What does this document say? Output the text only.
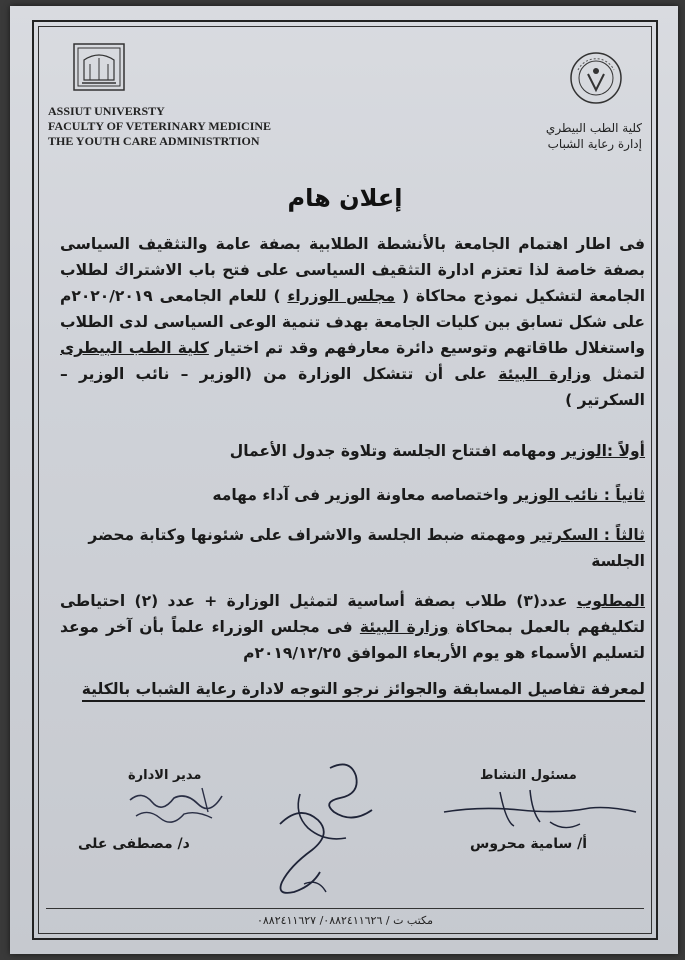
ASSIUT UNIVERSTY
FACULTY OF VETERINARY MEDICINE
THE YOUTH CARE ADMINISTRTION
كلية الطب البيطري
إدارة رعاية الشباب
إعلان هام
فى اطار اهتمام الجامعة بالأنشطة الطلابية بصفة عامة والتثقيف السياسى بصفة خاصة لذا تعتزم ادارة التثقيف السياسى على فتح باب الاشتراك لطلاب الجامعة لتشكيل نموذج محاكاة ( مجلس الوزراء ) للعام الجامعى ٢٠٢٠/٢٠١٩م على شكل تسابق بين كليات الجامعة بهدف تنمية الوعى السياسى لدى الطلاب واستغلال طاقاتهم وتوسيع دائرة معارفهم وقد تم اختيار كلية الطب البيطرى لتمثل وزارة البيئة على أن تتشكل الوزارة من (الوزير – نائب الوزير – السكرتير )
أولاً :الوزير ومهامه افتتاح الجلسة وتلاوة جدول الأعمال
ثانياً : نائب الوزير واختصاصه معاونة الوزير فى آداء مهامه
ثالثاً : السكرتير ومهمته ضبط الجلسة والاشراف على شئونها وكتابة محضر الجلسة
المطلوب عدد(٣) طلاب بصفة أساسية لتمثيل الوزارة + عدد (٢) احتياطى لتكليفهم بالعمل بمحاكاة وزارة البيئة فى مجلس الوزراء علماً بأن آخر موعد لتسليم الأسماء هو يوم الأربعاء الموافق ٢٠١٩/١٢/٢٥م
لمعرفة تفاصيل المسابقة والجوائز نرجو التوجه لادارة رعاية الشباب بالكلية
مدير الادارة	مسئول النشاط
د/ مصطفى على	أ/ سامية محروس
مكتب ت / ٠٨٨٢٤١١٦٢٦/ ٠٨٨٢٤١١٦٢٧
